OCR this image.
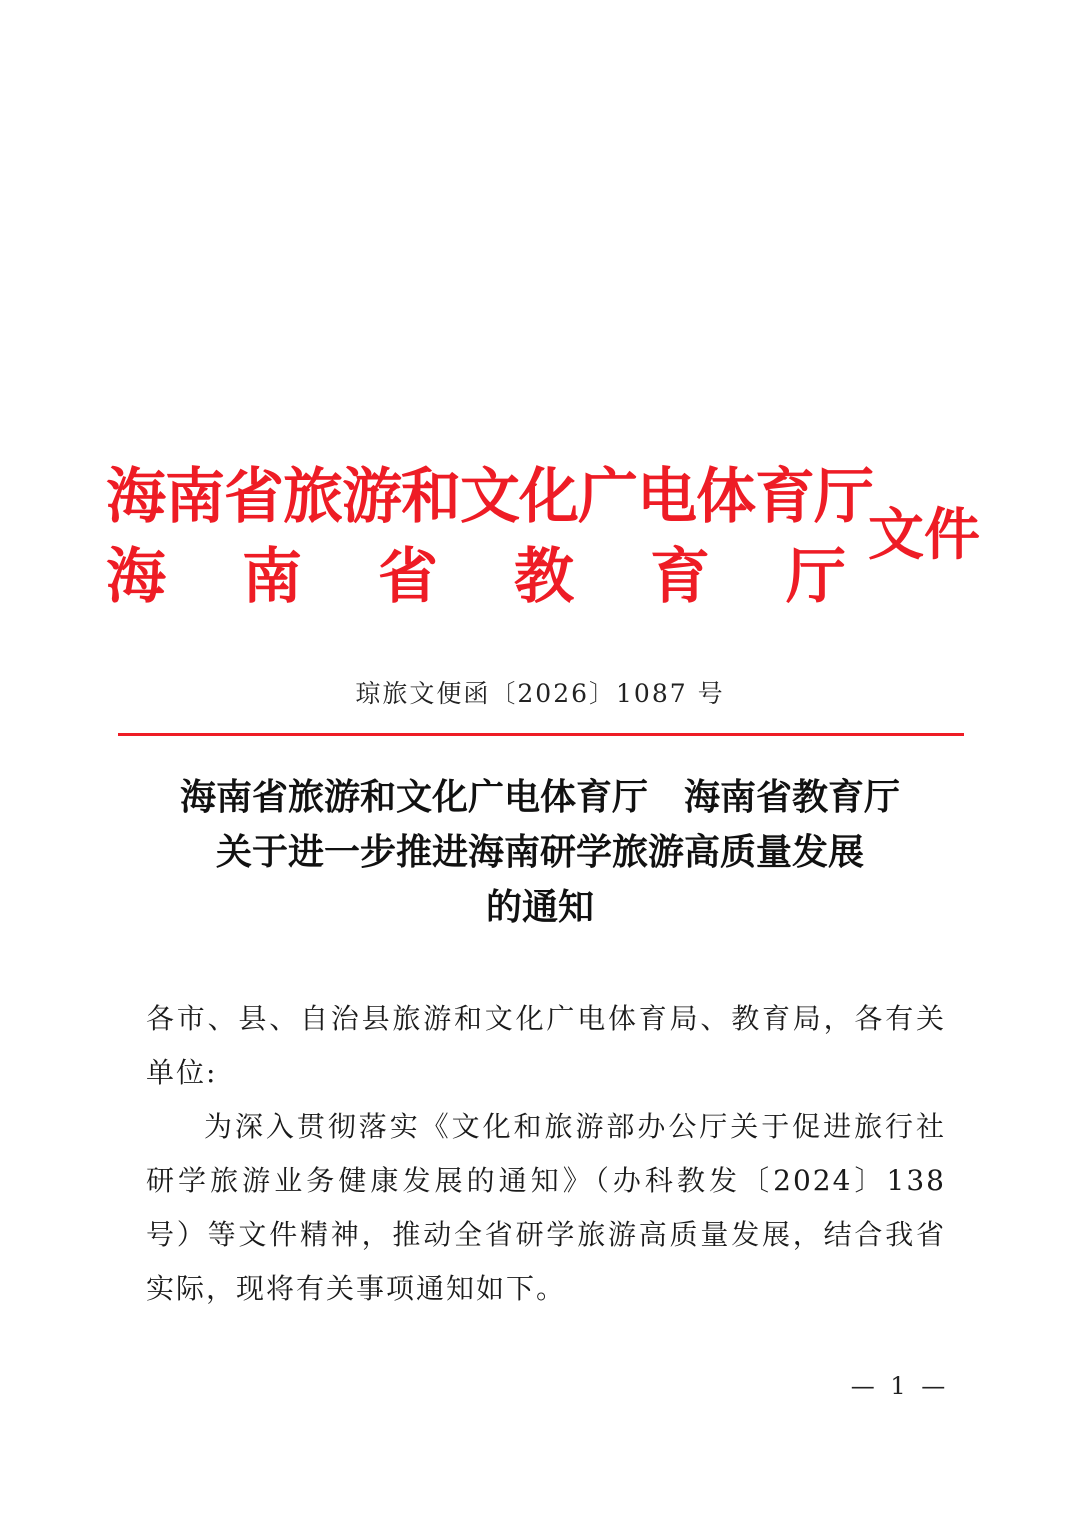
海南省旅游和文化广电体育厅
海 南 省 教 育 厅
文件
琼旅文便函〔2026〕1087 号
海南省旅游和文化广电体育厅　海南省教育厅
关于进一步推进海南研学旅游高质量发展
的通知

各市、县、自治县旅游和文化广电体育局、教育局，各有关单位:

为深入贯彻落实《文化和旅游部办公厅关于促进旅行社研学旅游业务健康发展的通知》（办科教发〔2024〕138 号）等文件精神，推动全省研学旅游高质量发展，结合我省实际，现将有关事项通知如下。

— 1 —
